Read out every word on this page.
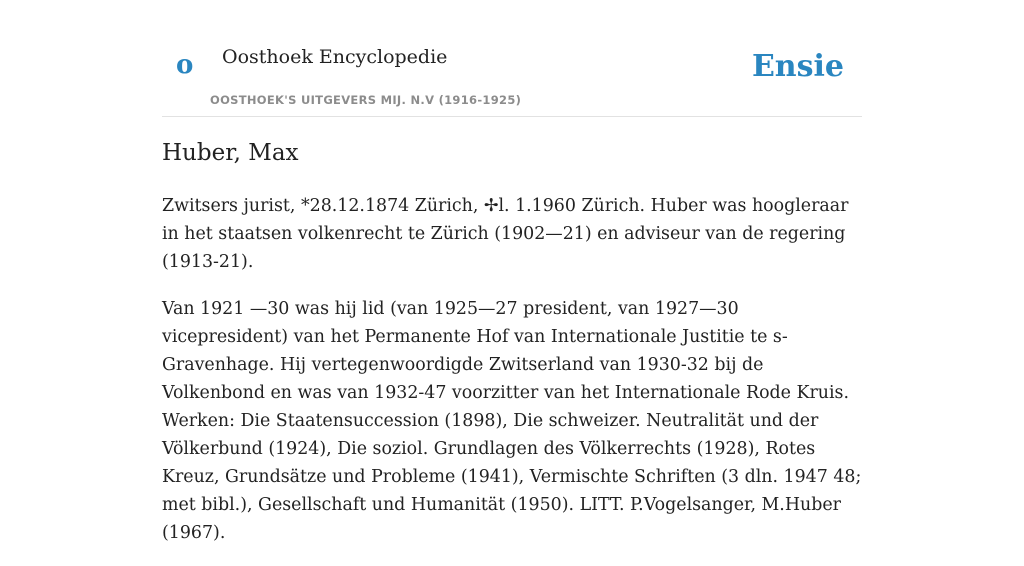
o Oosthoek Encyclopedie
OOSTHOEK'S UITGEVERS MIJ. N.V (1916-1925)
Ensie
Huber, Max

Zwitsers jurist, *28.12.1874 Zürich, ✢l. 1.1960 Zürich. Huber was hoogleraar in het staatsen volkenrecht te Zürich (1902—21) en adviseur van de regering (1913-21).

Van 1921 —30 was hij lid (van 1925—27 president, van 1927—30 vicepresident) van het Permanente Hof van Internationale Justitie te s-Gravenhage. Hij vertegenwoordigde Zwitserland van 1930-32 bij de Volkenbond en was van 1932-47 voorzitter van het Internationale Rode Kruis. Werken: Die Staatensuccession (1898), Die schweizer. Neutralität und der Völkerbund (1924), Die soziol. Grundlagen des Völkerrechts (1928), Rotes Kreuz, Grundsätze und Probleme (1941), Vermischte Schriften (3 dln. 1947 48; met bibl.), Gesellschaft und Humanität (1950). LITT. P.Vogelsanger, M.Huber (1967).
